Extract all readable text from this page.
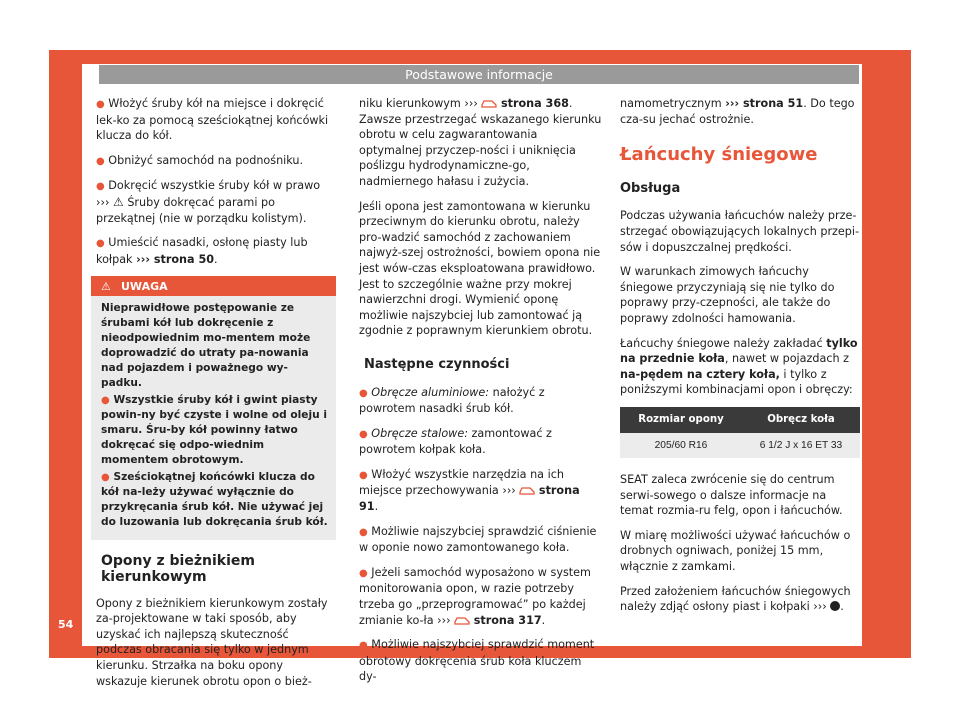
Podstawowe informacje

● Włożyć śruby kół na miejsce i dokręcić lek-ko za pomocą sześciokątnej końcówki klucza do kół.

● Obniżyć samochód na podnośniku.

● Dokręcić wszystkie śruby kół w prawo ››› ⚠ Śruby dokręcać parami po przekątnej (nie w porządku kolistym).

● Umieścić nasadki, osłonę piasty lub kołpak ››› strona 50.

⚠ UWAGA

Nieprawidłowe postępowanie ze śrubami kół lub dokręcenie z nieodpowiednim mo-mentem może doprowadzić do utraty pa-nowania nad pojazdem i poważnego wy-padku.

● Wszystkie śruby kół i gwint piasty powin-ny być czyste i wolne od oleju i smaru. Śru-by kół powinny łatwo dokręcać się odpo-wiednim momentem obrotowym.

● Sześciokątnej końcówki klucza do kół na-leży używać wyłącznie do przykręcania śrub kół. Nie używać jej do luzowania lub dokręcania śrub kół.

Opony z bieżnikiem kierunkowym

Opony z bieżnikiem kierunkowym zostały za-projektowane w taki sposób, aby uzyskać ich najlepszą skuteczność podczas obracania się tylko w jednym kierunku. Strzałka na boku opony wskazuje kierunek obrotu opon o bież-

niku kierunkowym ››› strona 368. Zawsze przestrzegać wskazanego kierunku obrotu w celu zagwarantowania optymalnej przyczep-ności i uniknięcia poślizgu hydrodynamiczne-go, nadmiernego hałasu i zużycia.

Jeśli opona jest zamontowana w kierunku przeciwnym do kierunku obrotu, należy pro-wadzić samochód z zachowaniem najwyż-szej ostrożności, bowiem opona nie jest wów-czas eksploatowana prawidłowo. Jest to szczególnie ważne przy mokrej nawierzchni drogi. Wymienić oponę możliwie najszybciej lub zamontować ją zgodnie z poprawnym kierunkiem obrotu.

Następne czynności

● Obręcze aluminiowe: nałożyć z powrotem nasadki śrub kół.

● Obręcze stalowe: zamontować z powrotem kołpak koła.

● Włożyć wszystkie narzędzia na ich miejsce przechowywania ››› strona 91.

● Możliwie najszybciej sprawdzić ciśnienie w oponie nowo zamontowanego koła.

● Jeżeli samochód wyposażono w system monitorowania opon, w razie potrzeby trzeba go „przeprogramować” po każdej zmianie ko-ła ››› strona 317.

● Możliwie najszybciej sprawdzić moment obrotowy dokręcenia śrub koła kluczem dy-

namometrycznym ››› strona 51. Do tego cza-su jechać ostrożnie.

Łańcuchy śniegowe
Obsługa

Podczas używania łańcuchów należy prze-strzegać obowiązujących lokalnych przepi-sów i dopuszczalnej prędkości.

W warunkach zimowych łańcuchy śniegowe przyczyniają się nie tylko do poprawy przy-czepności, ale także do poprawy zdolności hamowania.

Łańcuchy śniegowe należy zakładać tylko na przednie koła, nawet w pojazdach z na-pędem na cztery koła, i tylko z poniższymi kombinacjami opon i obręczy:

Rozmiar opony	Obręcz koła
205/60 R16	6 1/2 J x 16 ET 33

SEAT zaleca zwrócenie się do centrum serwi-sowego o dalsze informacje na temat rozmia-ru felg, opon i łańcuchów.

W miarę możliwości używać łańcuchów o drobnych ogniwach, poniżej 15 mm, włącznie z zamkami.

Przed założeniem łańcuchów śniegowych należy zdjąć osłony piast i kołpaki ››› .

54
